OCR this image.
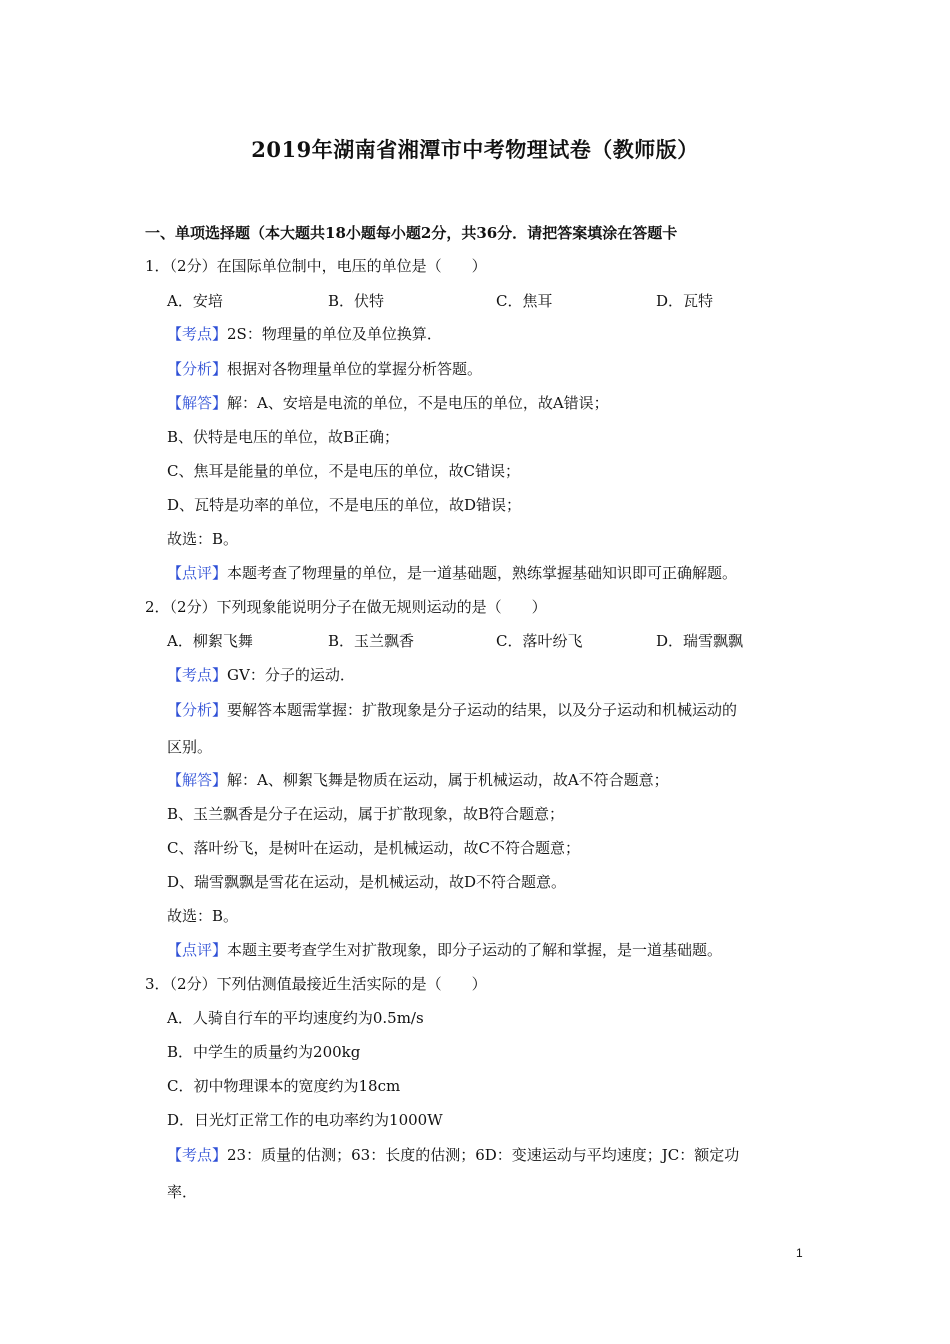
2019年湖南省湘潭市中考物理试卷（教师版）
一、单项选择题（本大题共18小题每小题2分，共36分．请把答案填涂在答题卡
1．（2分）在国际单位制中，电压的单位是（　　）
A．安培	B．伏特	C．焦耳	D．瓦特
【考点】2S：物理量的单位及单位换算．
【分析】根据对各物理量单位的掌握分析答题。
【解答】解：A、安培是电流的单位，不是电压的单位，故A错误；
B、伏特是电压的单位，故B正确；
C、焦耳是能量的单位，不是电压的单位，故C错误；
D、瓦特是功率的单位，不是电压的单位，故D错误；
故选：B。
【点评】本题考查了物理量的单位，是一道基础题，熟练掌握基础知识即可正确解题。
2．（2分）下列现象能说明分子在做无规则运动的是（　　）
A．柳絮飞舞	B．玉兰飘香	C．落叶纷飞	D．瑞雪飘飘
【考点】GV：分子的运动．
【分析】要解答本题需掌握：扩散现象是分子运动的结果，以及分子运动和机械运动的
区别。
【解答】解：A、柳絮飞舞是物质在运动，属于机械运动，故A不符合题意；
B、玉兰飘香是分子在运动，属于扩散现象，故B符合题意；
C、落叶纷飞，是树叶在运动，是机械运动，故C不符合题意；
D、瑞雪飘飘是雪花在运动，是机械运动，故D不符合题意。
故选：B。
【点评】本题主要考查学生对扩散现象，即分子运动的了解和掌握，是一道基础题。
3．（2分）下列估测值最接近生活实际的是（　　）
A．人骑自行车的平均速度约为0.5m/s
B．中学生的质量约为200kg
C．初中物理课本的宽度约为18cm
D．日光灯正常工作的电功率约为1000W
【考点】23：质量的估测；63：长度的估测；6D：变速运动与平均速度；JC：额定功
率．
1
